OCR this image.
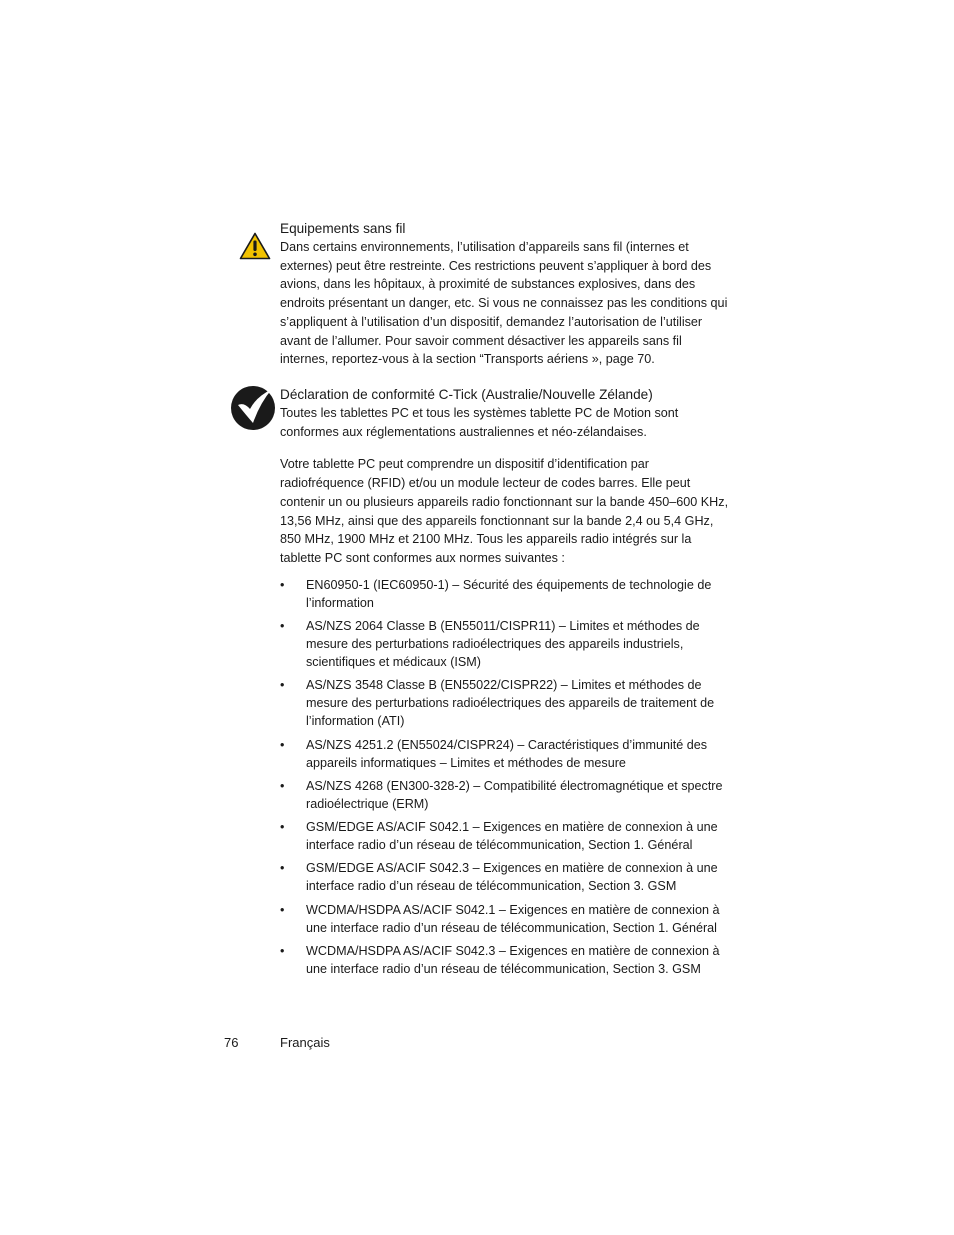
Equipements sans fil

Dans certains environnements, l’utilisation d’appareils sans fil (internes et externes) peut être restreinte. Ces restrictions peuvent s’appliquer à bord des avions, dans les hôpitaux, à proximité de substances explosives, dans des endroits présentant un danger, etc. Si vous ne connaissez pas les conditions qui s’appliquent à l’utilisation d’un dispositif, demandez l’autorisation de l’utiliser avant de l’allumer. Pour savoir comment désactiver les appareils sans fil internes, reportez-vous à la section “Transports aériens », page 70.

Déclaration de conformité C-Tick (Australie/Nouvelle Zélande)

Toutes les tablettes PC et tous les systèmes tablette PC de Motion sont conformes aux réglementations australiennes et néo-zélandaises.

Votre tablette PC peut comprendre un dispositif d’identification par radiofréquence (RFID) et/ou un module lecteur de codes barres. Elle peut contenir un ou plusieurs appareils radio fonctionnant sur la bande 450–600 KHz, 13,56 MHz, ainsi que des appareils fonctionnant sur la bande 2,4 ou 5,4 GHz, 850 MHz, 1900 MHz et 2100 MHz. Tous les appareils radio intégrés sur la tablette PC sont conformes aux normes suivantes :

• EN60950-1 (IEC60950-1) – Sécurité des équipements de technologie de l’information
• AS/NZS 2064 Classe B (EN55011/CISPR11) – Limites et méthodes de mesure des perturbations radioélectriques des appareils industriels, scientifiques et médicaux (ISM)
• AS/NZS 3548 Classe B (EN55022/CISPR22) – Limites et méthodes de mesure des perturbations radioélectriques des appareils de traitement de l’information (ATI)
• AS/NZS 4251.2 (EN55024/CISPR24) – Caractéristiques d’immunité des appareils informatiques – Limites et méthodes de mesure
• AS/NZS 4268 (EN300-328-2) – Compatibilité électromagnétique et spectre radioélectrique (ERM)
• GSM/EDGE AS/ACIF S042.1 – Exigences en matière de connexion à une interface radio d’un réseau de télécommunication, Section 1. Général
• GSM/EDGE AS/ACIF S042.3 – Exigences en matière de connexion à une interface radio d’un réseau de télécommunication, Section 3. GSM
• WCDMA/HSDPA AS/ACIF S042.1 – Exigences en matière de connexion à une interface radio d’un réseau de télécommunication, Section 1. Général
• WCDMA/HSDPA AS/ACIF S042.3 – Exigences en matière de connexion à une interface radio d’un réseau de télécommunication, Section 3. GSM
76	Français
